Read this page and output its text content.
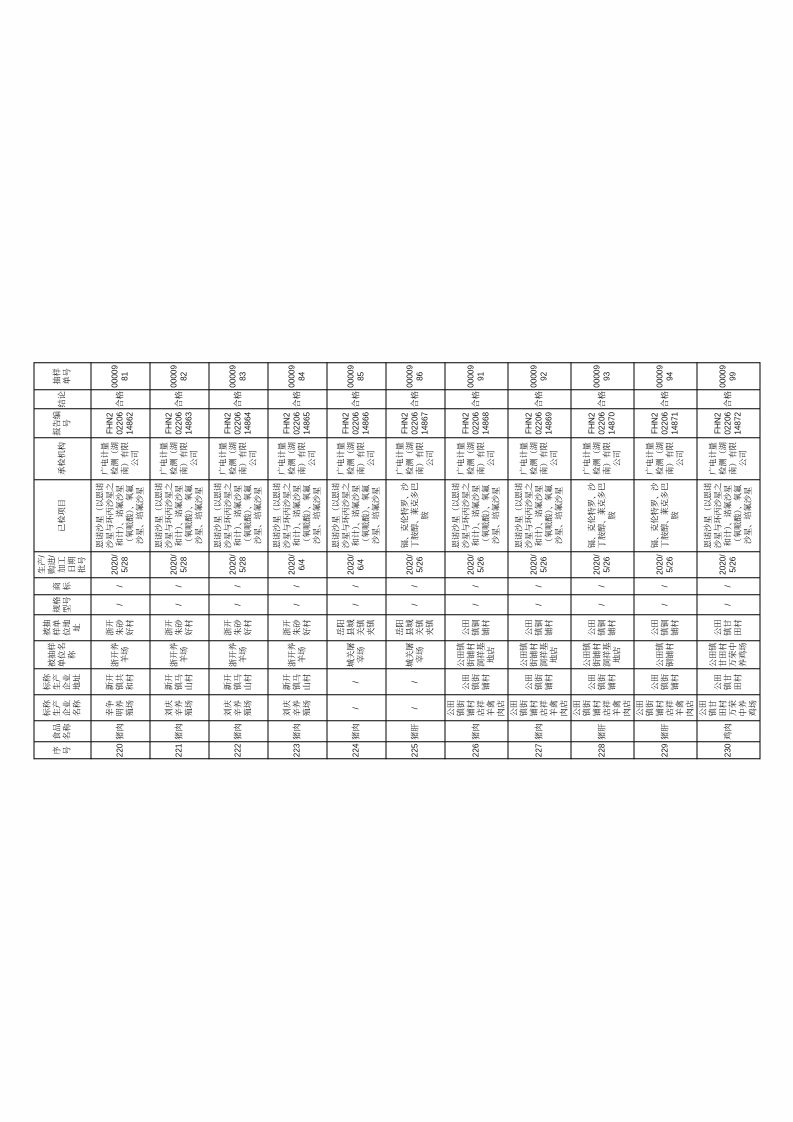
序号	食品名称	标称生产企业名称	标称生产企业地址	被抽样单位名称	被抽样单位地址	规格型号	商标	生产/购进/加工日期批号	已检项目	承检机构	报告编号	结论	抽样单号
220	猪肉	幸争明养殖场	新开镇共和村	浙开养羊场	浙开朱砂好村	/	/	2020/5/28	恩诺沙星（以恩诺沙星与环丙沙星之和计）、诺氟沙星（氧哌酸）、氧氟沙星、培氟沙星	广电计量检测（湖南）有限公司	FHN20220614862	合格	0000981
221	猪肉	刘庆辛养殖场	新开镇马山村	浙开养羊场	浙开朱砂好村	/	/	2020/5/28	恩诺沙星（以恩诺沙星与环丙沙星之和计）、诺氟沙星（氧哌酸）、氧氟沙星、培氟沙星	广电计量检测（湖南）有限公司	FHN20220614863	合格	0000982
222	猪肉	刘庆辛养殖场	新开镇马山村	浙开养羊场	浙开朱砂好村	/	/	2020/5/28	恩诺沙星（以恩诺沙星与环丙沙星之和计）、诺氟沙星（氧哌酸）、氧氟沙星、培氟沙星	广电计量检测（湖南）有限公司	FHN20220614864	合格	0000983
223	猪肉	刘庆辛养殖场	新开镇马山村	浙开养羊场	浙开朱砂好村	/	/	2020/6/4	恩诺沙星（以恩诺沙星与环丙沙星之和计）、诺氟沙星（氧哌酸）、氧氟沙星、培氟沙星	广电计量检测（湖南）有限公司	FHN20220614865	合格	0000984
224	猪肉	/	/	城关屠宰场	岳阳县城关镇夹镇	/	/	2020/6/4	恩诺沙星（以恩诺沙星与环丙沙星之和计）、诺氟沙星（氧哌酸）、氧氟沙星、培氟沙星	广电计量检测（湖南）有限公司	FHN20220614866	合格	0000985
225	猪肝	/	/	城关屠宰场	岳阳县城关镇夹镇	/	/	2020/5/26	镉、克伦特罗、沙丁胺醇、莱克多巴胺	广电计量检测（湖南）有限公司	FHN20220614867	合格	0000986
226	猪肉	公田镇街铺村店祥羊禽肉店	公田镇街铺村	公田镇街铺村洞祥基地店	公田镇铜铺村	/	/	2020/5/26	恩诺沙星（以恩诺沙星与环丙沙星之和计）、诺氟沙星（氧哌酸）、氧氟沙星、培氟沙星	广电计量检测（湖南）有限公司	FHN20220614868	合格	0000991
227	猪肉	公田镇街铺村店祥羊禽肉店	公田镇街铺村	公田镇街铺村洞祥基地店	公田镇铜铺村	/	/	2020/5/26	恩诺沙星（以恩诺沙星与环丙沙星之和计）、诺氟沙星（氧哌酸）、氧氟沙星、培氟沙星	广电计量检测（湖南）有限公司	FHN20220614869	合格	0000992
228	猪肝	公田镇街铺村店祥羊禽肉店	公田镇街铺村	公田镇街铺村洞祥基地店	公田镇铜铺村	/	/	2020/5/26	镉、克伦特罗、沙丁胺醇、莱克多巴胺	广电计量检测（湖南）有限公司	FHN20220614870	合格	0000993
229	猪肝	公田镇街铺村店祥羊禽肉店	公田镇街铺村	公田镇铜铺村	公田镇铜铺村	/	/	2020/5/26	镉、克伦特罗、沙丁胺醇、莱克多巴胺	广电计量检测（湖南）有限公司	FHN20220614871	合格	0000994
230	鸡肉	公田镇甘田村万荣中养鸡场	公田镇甘田村	公田镇甘田村万荣中养鸡场	公田镇甘田村	/	/	2020/5/26	恩诺沙星（以恩诺沙星与环丙沙星之和计）、诺氟沙星（氧哌酸）、氧氟沙星、培氟沙星	广电计量检测（湖南）有限公司	FHN20220614872	合格	0000999
